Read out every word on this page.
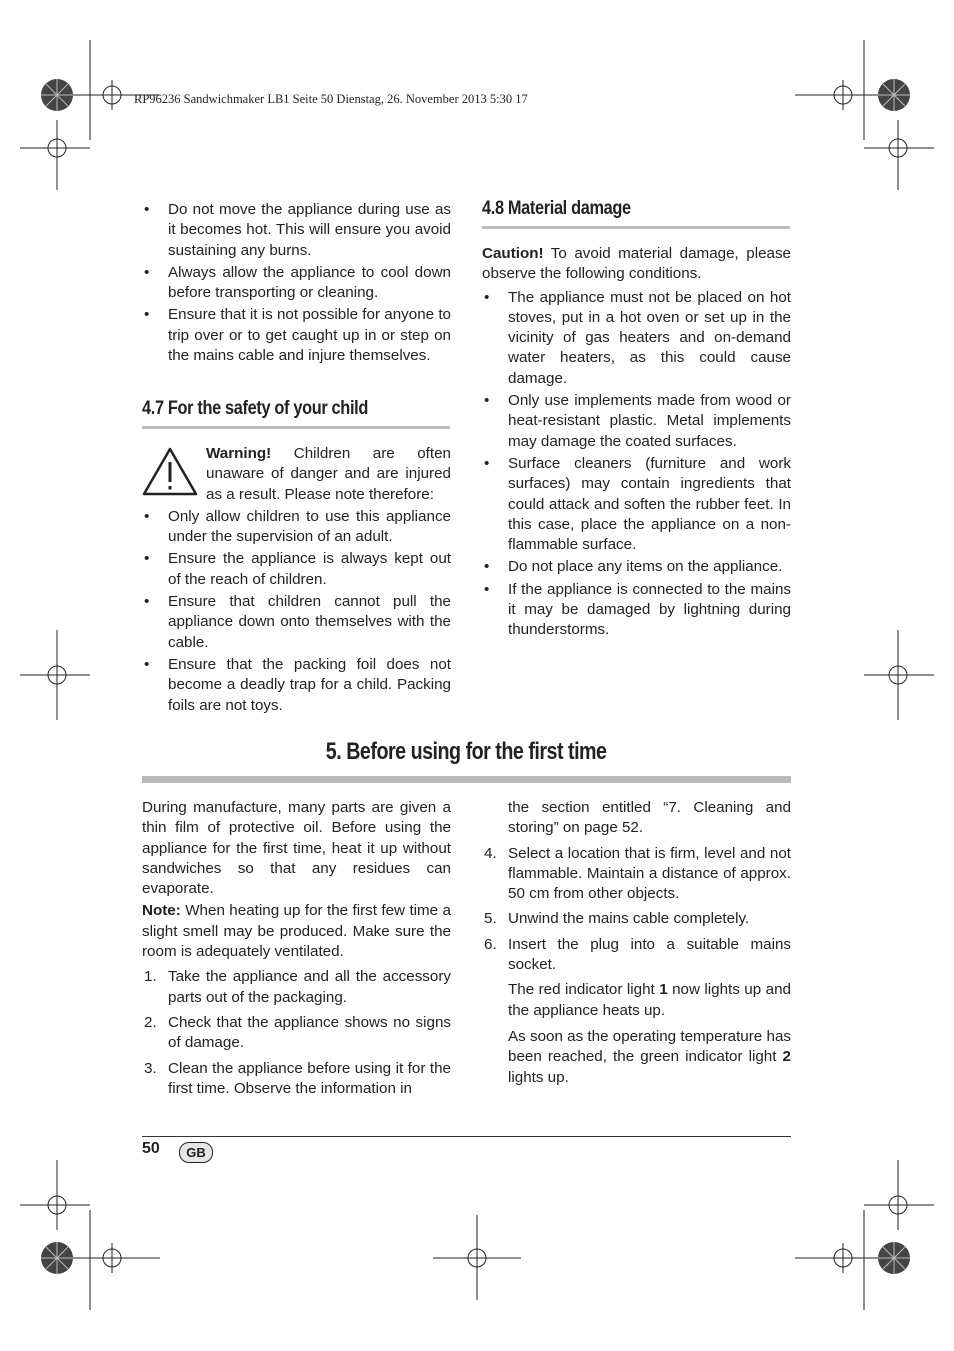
RP96236 Sandwichmaker LB1 Seite 50 Dienstag, 26. November 2013 5:30 17
• Do not move the appliance during use as it becomes hot. This will ensure you avoid sustaining any burns.
• Always allow the appliance to cool down before transporting or cleaning.
• Ensure that it is not possible for anyone to trip over or to get caught up in or step on the mains cable and injure themselves.
4.7 For the safety of your child
Warning! Children are often unaware of danger and are injured as a result. Please note therefore:
• Only allow children to use this appliance under the supervision of an adult.
• Ensure the appliance is always kept out of the reach of children.
• Ensure that children cannot pull the appliance down onto themselves with the cable.
• Ensure that the packing foil does not become a deadly trap for a child. Packing foils are not toys.
4.8 Material damage
Caution! To avoid material damage, please observe the following conditions.
• The appliance must not be placed on hot stoves, put in a hot oven or set up in the vicinity of gas heaters and on-demand water heaters, as this could cause damage.
• Only use implements made from wood or heat-resistant plastic. Metal implements may damage the coated surfaces.
• Surface cleaners (furniture and work surfaces) may contain ingredients that could attack and soften the rubber feet. In this case, place the appliance on a non-flammable surface.
• Do not place any items on the appliance.
• If the appliance is connected to the mains it may be damaged by lightning during thunderstorms.
5. Before using for the first time
During manufacture, many parts are given a thin film of protective oil. Before using the appliance for the first time, heat it up without sandwiches so that any residues can evaporate.
Note: When heating up for the first few time a slight smell may be produced. Make sure the room is adequately ventilated.
1. Take the appliance and all the accessory parts out of the packaging.
2. Check that the appliance shows no signs of damage.
3. Clean the appliance before using it for the first time. Observe the information in
the section entitled “7. Cleaning and storing” on page 52.
4. Select a location that is firm, level and not flammable. Maintain a distance of approx. 50 cm from other objects.
5. Unwind the mains cable completely.
6. Insert the plug into a suitable mains socket.
The red indicator light 1 now lights up and the appliance heats up.
As soon as the operating temperature has been reached, the green indicator light 2 lights up.
50	GB
